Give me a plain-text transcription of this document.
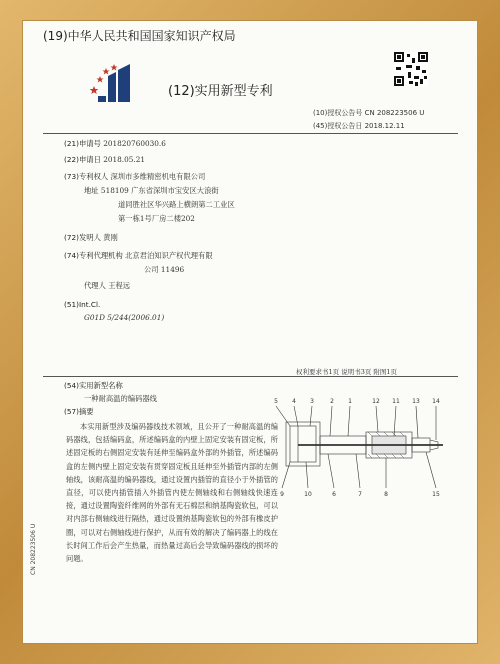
(19)中华人民共和国国家知识产权局
(12)实用新型专利
(10)授权公告号 CN 208223506 U
(45)授权公告日 2018.12.11
(21)申请号 201820760030.6
(22)申请日 2018.05.21
(73)专利权人 深圳市多维精密机电有限公司
地址 518109 广东省深圳市宝安区大浪街
道同胜社区华兴路上横朗第二工业区
第一栋1号厂房二楼202
(72)发明人 黄刚
(74)专利代理机构 北京君泊知识产权代理有限
公司 11496
代理人 王程远
(51)Int.Cl.
G01D 5/244(2006.01)
权利要求书1页 说明书3页 附图1页
(54)实用新型名称
一种耐高温的编码器线
(57)摘要
本实用新型涉及编码器线技术领域，且公开了一种耐高温的编码器线，包括编码盒，所述编码盒的内壁上固定安装有固定板，所述固定板的右侧固定安装有延伸至编码盒外部的外插管，所述编码盒的左侧内壁上固定安装有贯穿固定板且延伸至外插管内部的左侧轴线，该耐高温的编码器线，通过设置内插管的直径小于外插管的直径，可以使内插管插入外插管内使左侧轴线和右侧轴线快速连接，通过设置陶瓷纤维网的外部有无石棉层和纳基陶瓷软包，可以对内部右侧轴线进行隔热，通过设置纳基陶瓷软包的外部有橡皮护圈，可以对右侧轴线进行保护，从而有效的解决了编码器上的线在长时间工作后会产生热量，而热量过高后会导致编码器线的损坏的问题。
CN 208223506 U
5 4 3	2 1	12 11 13 14
9	10	6	7	8	15
